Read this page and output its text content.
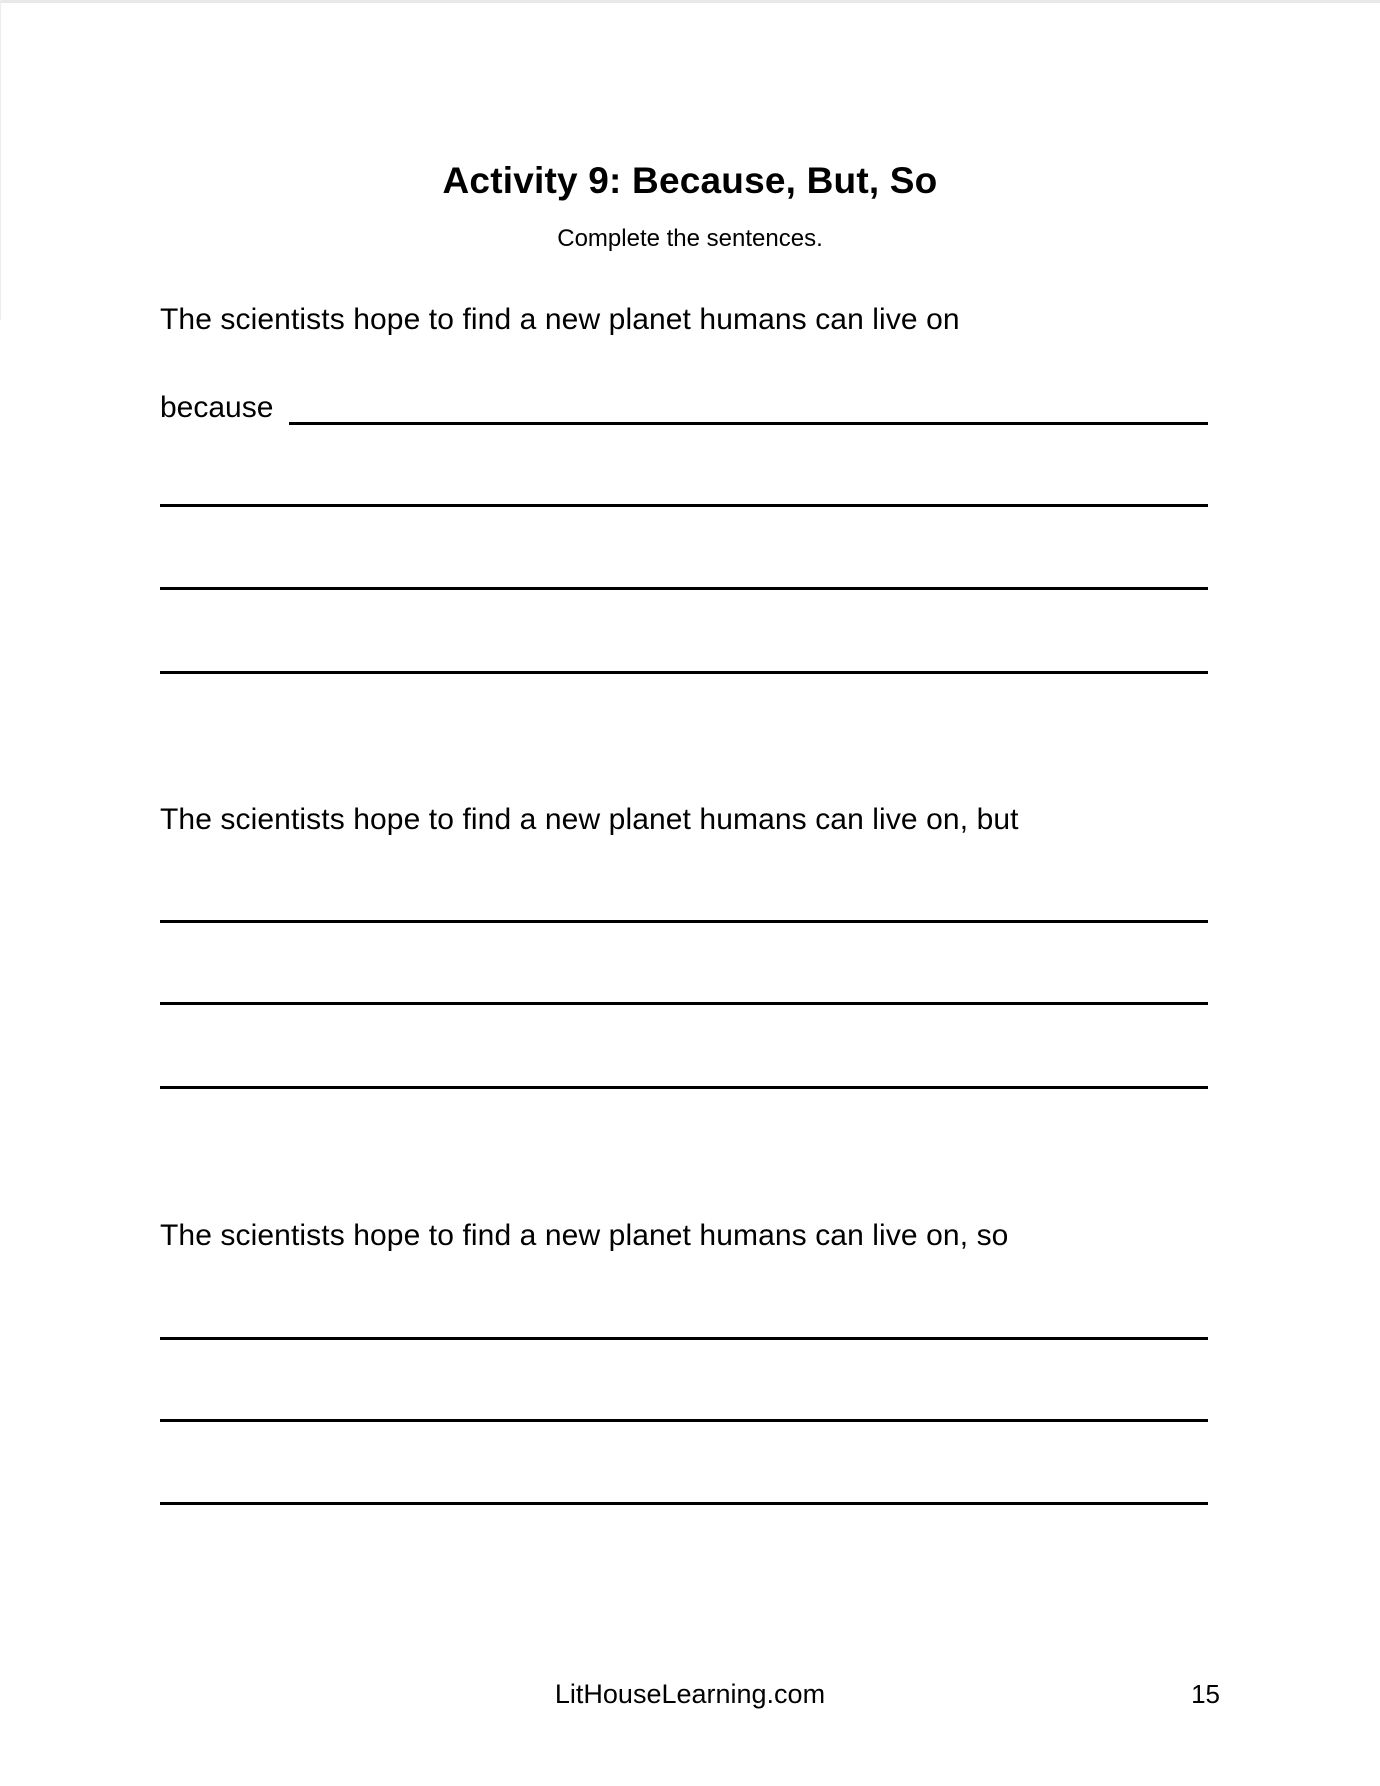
Activity 9: Because, But, So
Complete the sentences.
The scientists hope to find a new planet humans can live on
because
The scientists hope to find a new planet humans can live on, but
The scientists hope to find a new planet humans can live on, so
LitHouseLearning.com	15
